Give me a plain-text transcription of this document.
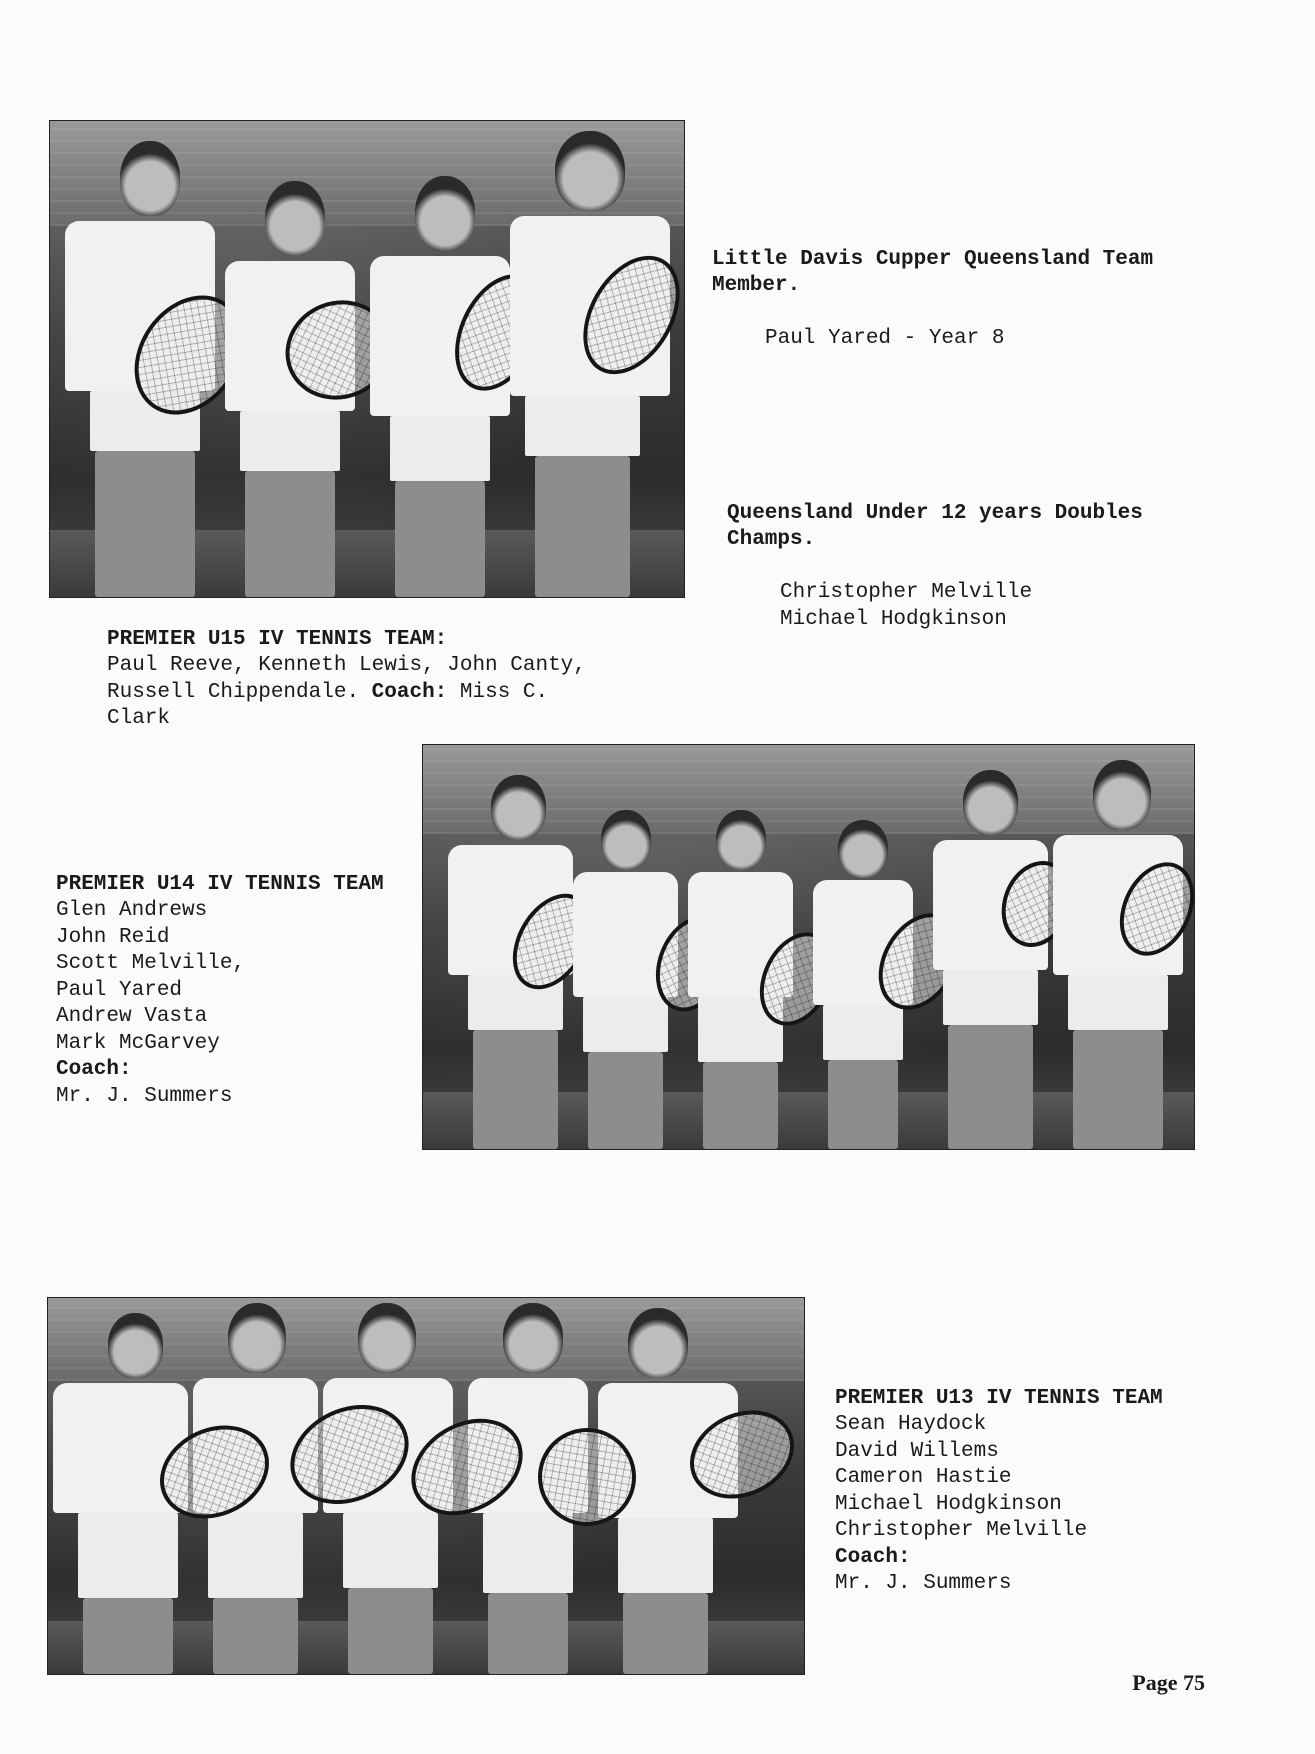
PREMIER U15 IV TENNIS TEAM:
Paul Reeve, Kenneth Lewis, John Canty,
Russell Chippendale. Coach: Miss C.
Clark

Little Davis Cupper Queensland Team
Member.

Paul Yared - Year 8

Queensland Under 12 years Doubles
Champs.

Christopher Melville
Michael Hodgkinson

PREMIER U14 IV TENNIS TEAM
Glen Andrews
John Reid
Scott Melville,
Paul Yared
Andrew Vasta
Mark McGarvey
Coach:
Mr. J. Summers

PREMIER U13 IV TENNIS TEAM
Sean Haydock
David Willems
Cameron Hastie
Michael Hodgkinson
Christopher Melville
Coach:
Mr. J. Summers
Page 75
